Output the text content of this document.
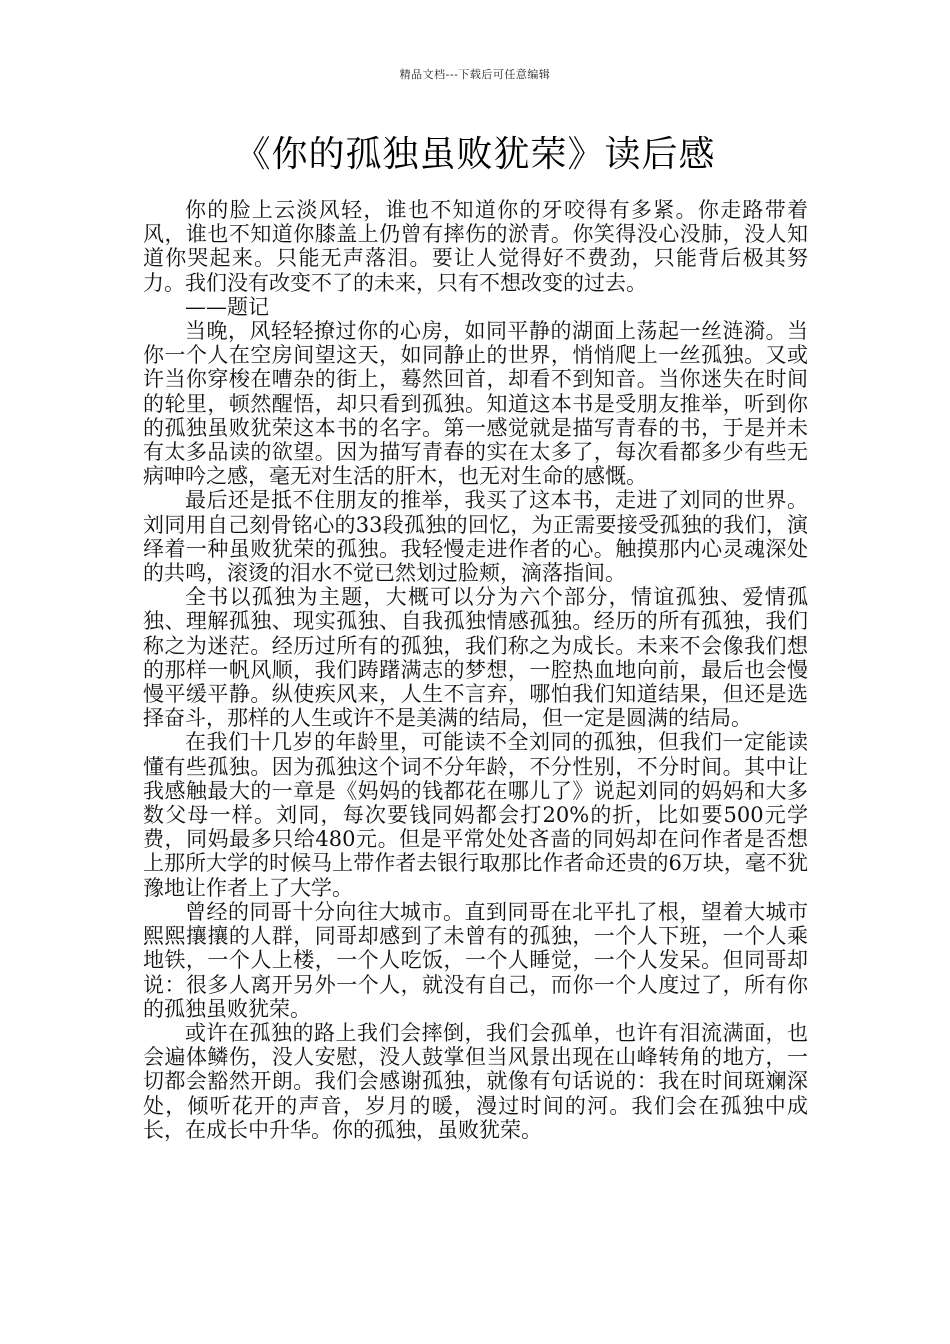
精品文档---下载后可任意编辑
《你的孤独虽败犹荣》读后感

你的脸上云淡风轻，谁也不知道你的牙咬得有多紧。你走路带着风，谁也不知道你膝盖上仍曾有摔伤的淤青。你笑得没心没肺，没人知道你哭起来。只能无声落泪。要让人觉得好不费劲，只能背后极其努力。我们没有改变不了的未来，只有不想改变的过去。

——题记

当晚，风轻轻撩过你的心房，如同平静的湖面上荡起一丝涟漪。当你一个人在空房间望这天，如同静止的世界，悄悄爬上一丝孤独。又或许当你穿梭在嘈杂的街上，蓦然回首，却看不到知音。当你迷失在时间的轮里，顿然醒悟，却只看到孤独。知道这本书是受朋友推举，听到你的孤独虽败犹荣这本书的名字。第一感觉就是描写青春的书，于是并未有太多品读的欲望。因为描写青春的实在太多了，每次看都多少有些无病呻吟之感，毫无对生活的肝木，也无对生命的感慨。

最后还是抵不住朋友的推举，我买了这本书，走进了刘同的世界。刘同用自己刻骨铭心的33段孤独的回忆，为正需要接受孤独的我们，演绎着一种虽败犹荣的孤独。我轻慢走进作者的心。触摸那内心灵魂深处的共鸣，滚烫的泪水不觉已然划过脸颊，滴落指间。

全书以孤独为主题，大概可以分为六个部分，情谊孤独、爱情孤独、理解孤独、现实孤独、自我孤独情感孤独。经历的所有孤独，我们称之为迷茫。经历过所有的孤独，我们称之为成长。未来不会像我们想的那样一帆风顺，我们踌躇满志的梦想，一腔热血地向前，最后也会慢慢平缓平静。纵使疾风来，人生不言弃，哪怕我们知道结果，但还是选择奋斗，那样的人生或许不是美满的结局，但一定是圆满的结局。

在我们十几岁的年龄里，可能读不全刘同的孤独，但我们一定能读懂有些孤独。因为孤独这个词不分年龄，不分性别，不分时间。其中让我感触最大的一章是《妈妈的钱都花在哪儿了》说起刘同的妈妈和大多数父母一样。刘同，每次要钱同妈都会打20%的折，比如要500元学费，同妈最多只给480元。但是平常处处吝啬的同妈却在问作者是否想上那所大学的时候马上带作者去银行取那比作者命还贵的6万块，毫不犹豫地让作者上了大学。

曾经的同哥十分向往大城市。直到同哥在北平扎了根，望着大城市熙熙攘攘的人群，同哥却感到了未曾有的孤独，一个人下班，一个人乘地铁，一个人上楼，一个人吃饭，一个人睡觉，一个人发呆。但同哥却说：很多人离开另外一个人，就没有自己，而你一个人度过了，所有你的孤独虽败犹荣。

或许在孤独的路上我们会摔倒，我们会孤单，也许有泪流满面，也会遍体鳞伤，没人安慰，没人鼓掌但当风景出现在山峰转角的地方，一切都会豁然开朗。我们会感谢孤独，就像有句话说的：我在时间斑斓深处，倾听花开的声音，岁月的暖，漫过时间的河。我们会在孤独中成长，在成长中升华。你的孤独，虽败犹荣。
